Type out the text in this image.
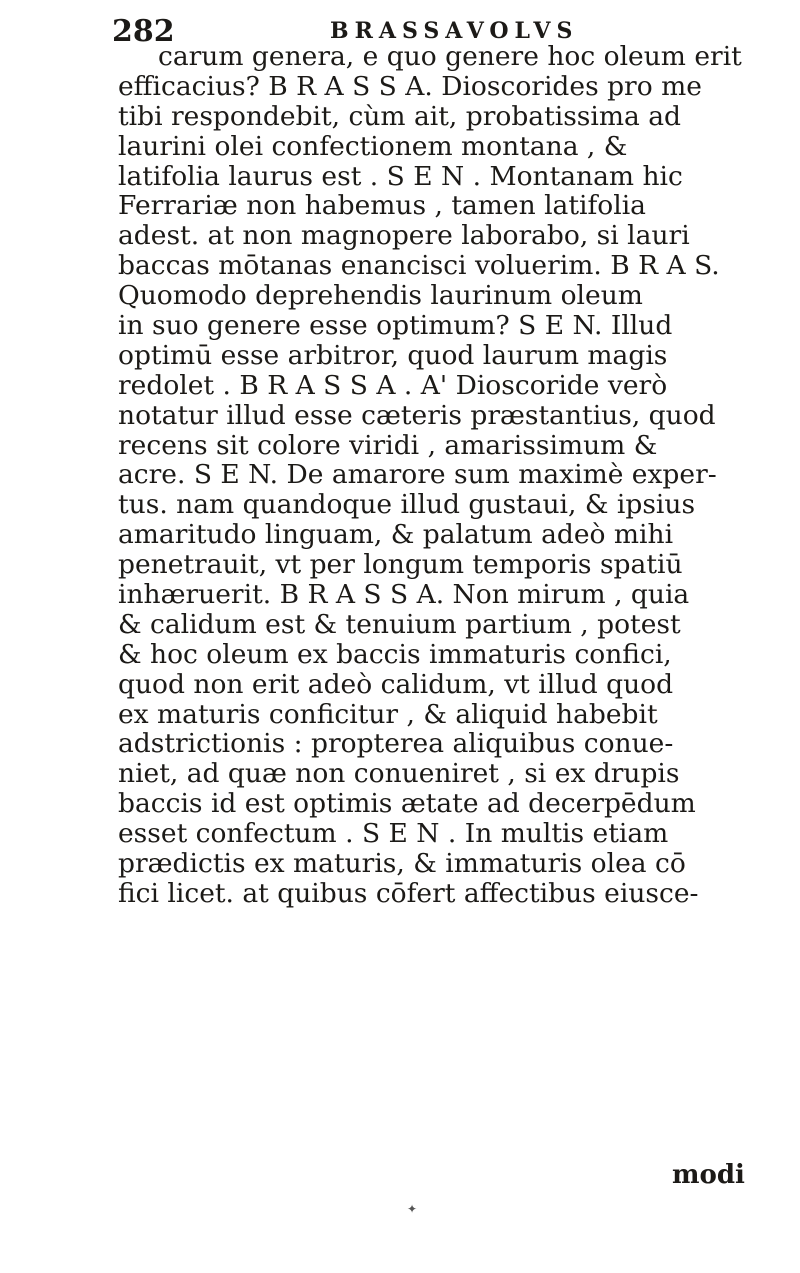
282	BRASSAVOLVS
carum genera, e quo genere hoc oleum erit
efficacius? B R A S S A. Dioscorides pro me
tibi respondebit, cùm ait, probatissima ad
laurini olei confectionem montana , &
latifolia laurus est . S E N . Montanam hic
Ferrariæ non habemus , tamen latifolia
adest. at non magnopere laborabo, si lauri
baccas mōtanas enancisci voluerim. B R A S.
Quomodo deprehendis laurinum oleum
in suo genere esse optimum? S E N. Illud
optimū esse arbitror, quod laurum magis
redolet . B R A S S A . A' Dioscoride verò
notatur illud esse cæteris præstantius, quod
recens sit colore viridi , amarissimum &
acre. S E N. De amarore sum maximè exper-
tus. nam quandoque illud gustaui, & ipsius
amaritudo linguam, & palatum adeò mihi
penetrauit, vt per longum temporis spatiū
inhæruerit. B R A S S A. Non mirum , quia
& calidum est & tenuium partium , potest
& hoc oleum ex baccis immaturis confici,
quod non erit adeò calidum, vt illud quod
ex maturis conficitur , & aliquid habebit
adstrictionis : propterea aliquibus conue-
niet, ad quæ non conueniret , si ex drupis
baccis id est optimis ætate ad decerpēdum
esset confectum . S E N . In multis etiam
prædictis ex maturis, & immaturis olea cō
fici licet. at quibus cōfert affectibus eiusce-
modi
✦
